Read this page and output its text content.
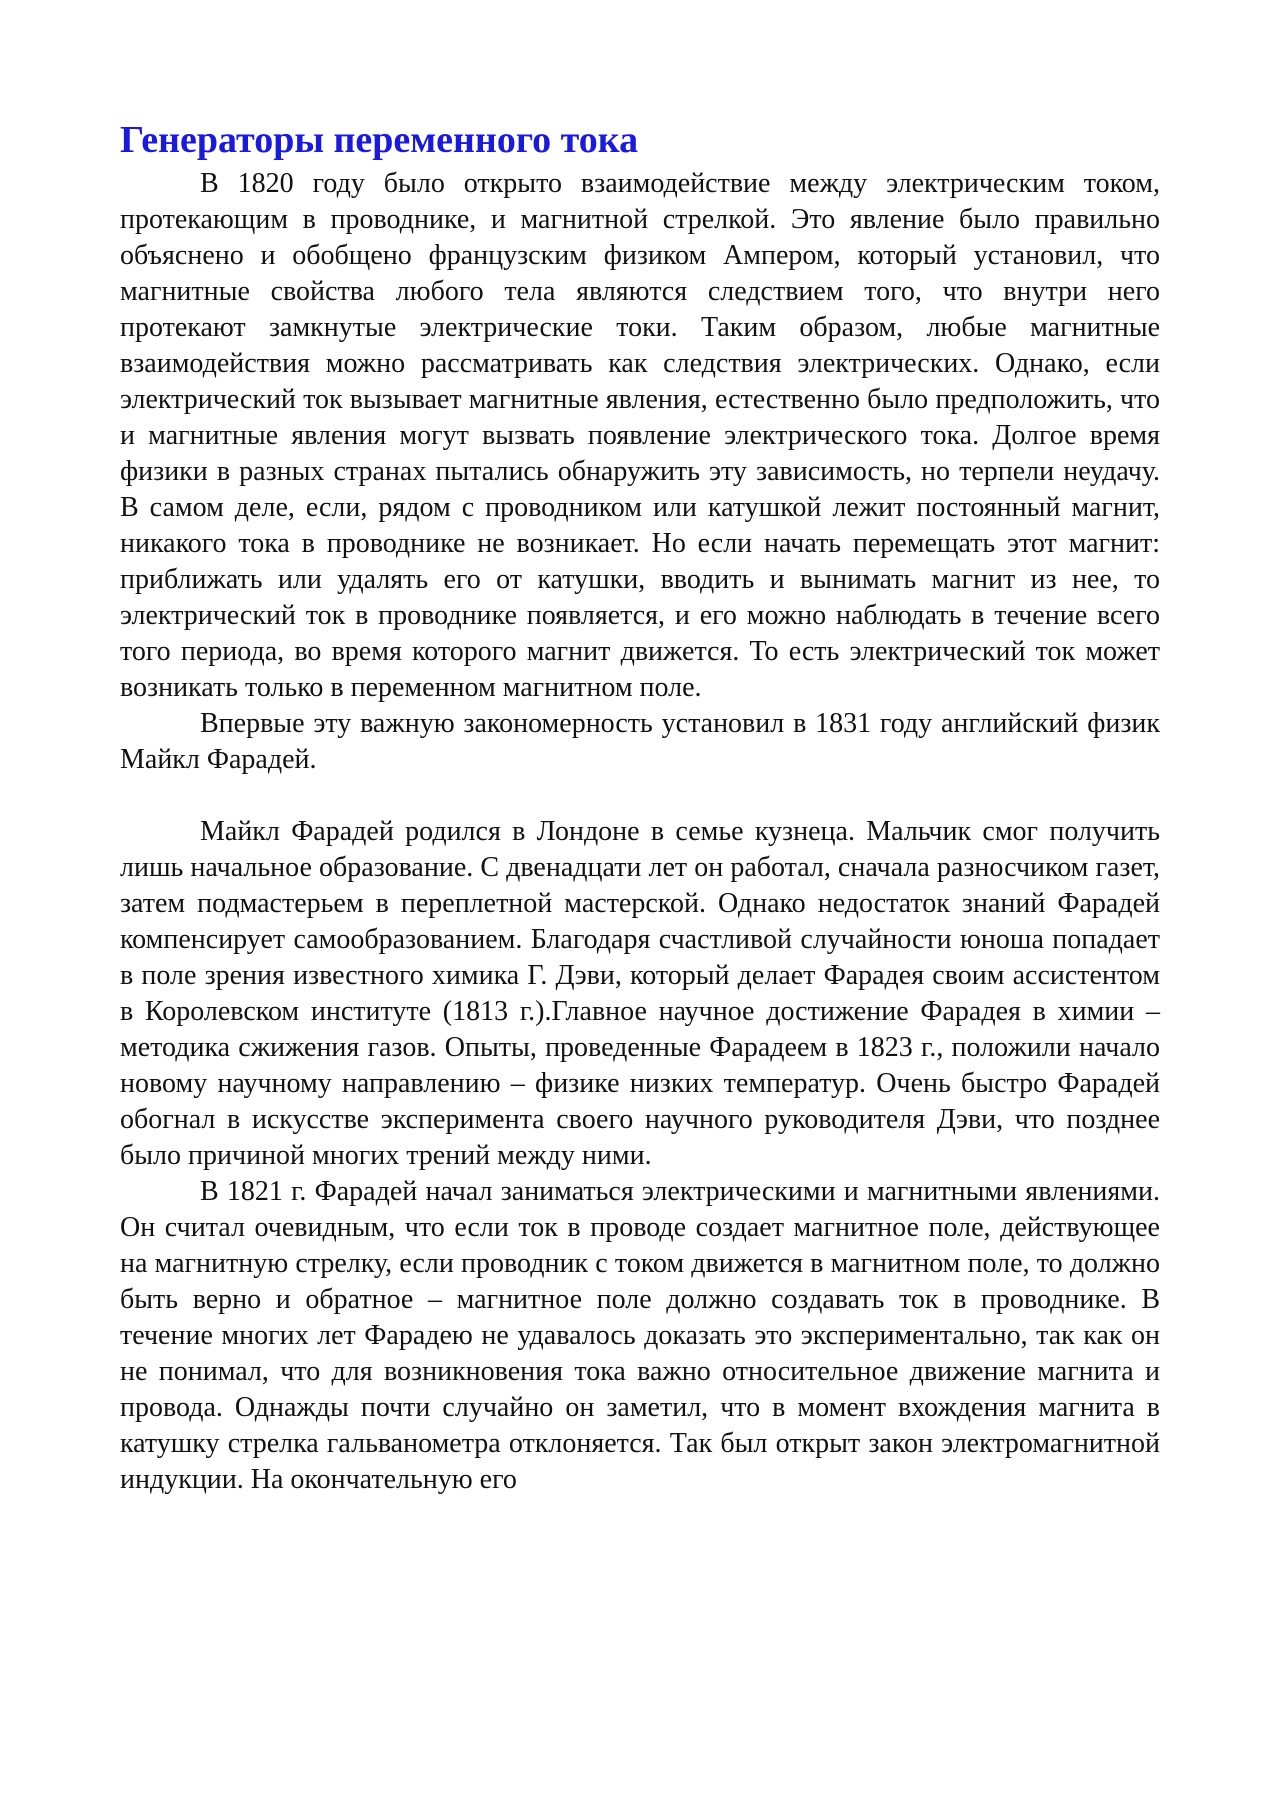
Генераторы переменного тока

В 1820 году было открыто взаимодействие между электрическим током, протекающим в проводнике, и магнитной стрелкой. Это явление было правильно объяснено и обобщено французским физиком Ампером, который установил, что магнитные свойства любого тела являются следствием того, что внутри него протекают замкнутые электрические токи. Таким образом, любые магнитные взаимодействия можно рассматривать как следствия электрических. Однако, если электрический ток вызывает магнитные явления, естественно было предположить, что и магнитные явления могут вызвать появление электрического тока. Долгое время физики в разных странах пытались обнаружить эту зависимость, но терпели неудачу. В самом деле, если, рядом с проводником или катушкой лежит постоянный магнит, никакого тока в проводнике не возникает. Но если начать перемещать этот магнит: приближать или удалять его от катушки, вводить и вынимать магнит из нее, то электрический ток в проводнике появляется, и его можно наблюдать в течение всего того периода, во время которого магнит движется. То есть электрический ток может возникать только в переменном магнитном поле.

Впервые эту важную закономерность установил в 1831 году английский физик Майкл Фарадей.

Майкл Фарадей родился в Лондоне в семье кузнеца. Мальчик смог получить лишь начальное образование. С двенадцати лет он работал, сначала разносчиком газет, затем подмастерьем в переплетной мастерской. Однако недостаток знаний Фарадей компенсирует самообразованием. Благодаря счастливой случайности юноша попадает в поле зрения известного химика Г. Дэви, который делает Фарадея своим ассистентом в Королевском институте (1813 г.).Главное научное достижение Фарадея в химии – методика сжижения газов. Опыты, проведенные Фарадеем в 1823 г., положили начало новому научному направлению – физике низких температур. Очень быстро Фарадей обогнал в искусстве эксперимента своего научного руководителя Дэви, что позднее было причиной многих трений между ними.

В 1821 г. Фарадей начал заниматься электрическими и магнитными явлениями. Он считал очевидным, что если ток в проводе создает магнитное поле, действующее на магнитную стрелку, если проводник с током движется в магнитном поле, то должно быть верно и обратное – магнитное поле должно создавать ток в проводнике. В течение многих лет Фарадею не удавалось доказать это экспериментально, так как он не понимал, что для возникновения тока важно относительное движение магнита и провода. Однажды почти случайно он заметил, что в момент вхождения магнита в катушку стрелка гальванометра отклоняется. Так был открыт закон электромагнитной индукции. На окончательную его
